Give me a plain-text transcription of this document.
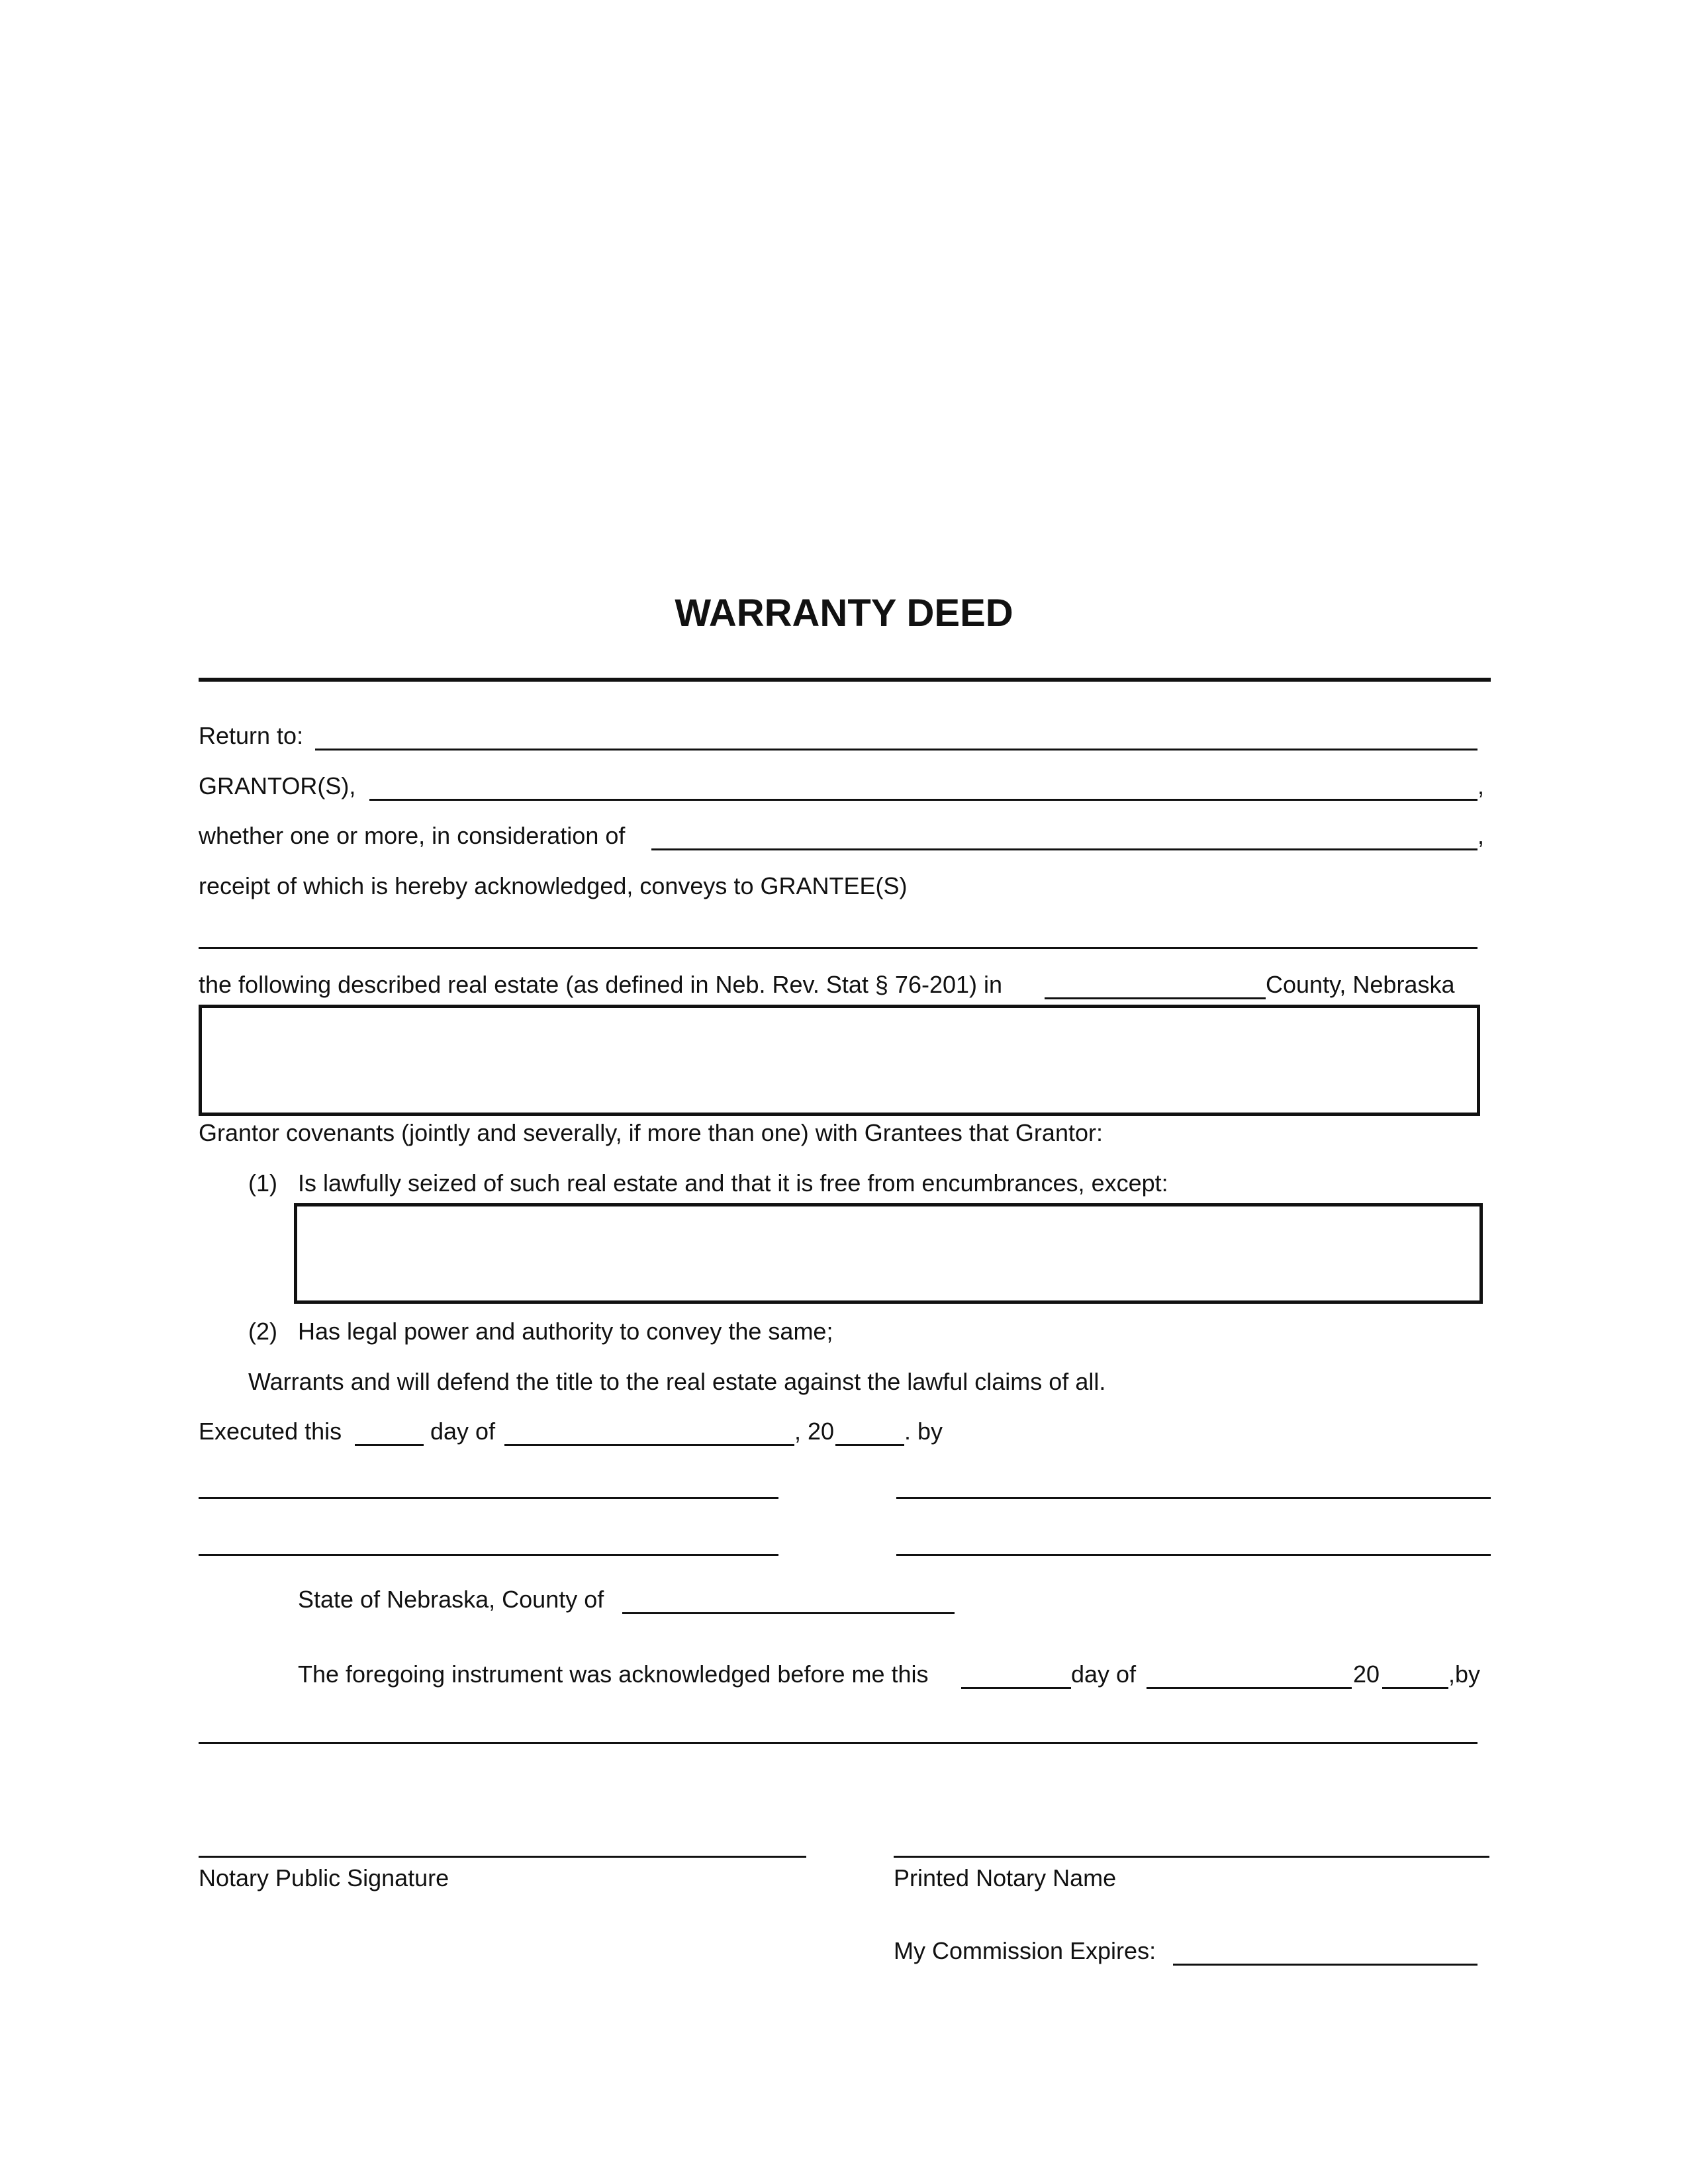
WARRANTY DEED
Return to:
GRANTOR(S),	,
whether one or more, in consideration of	,
receipt of which is hereby acknowledged, conveys to GRANTEE(S)
the following described real estate (as defined in Neb. Rev. Stat § 76-201) in	County, Nebraska
Grantor covenants (jointly and severally, if more than one) with Grantees that Grantor:
(1) Is lawfully seized of such real estate and that it is free from encumbrances, except:
(2) Has legal power and authority to convey the same;
Warrants and will defend the title to the real estate against the lawful claims of all.
Executed this	day of	, 20	. by
State of Nebraska, County of
The foregoing instrument was acknowledged before me this	day of	20	,by
Notary Public Signature	Printed Notary Name
My Commission Expires:
